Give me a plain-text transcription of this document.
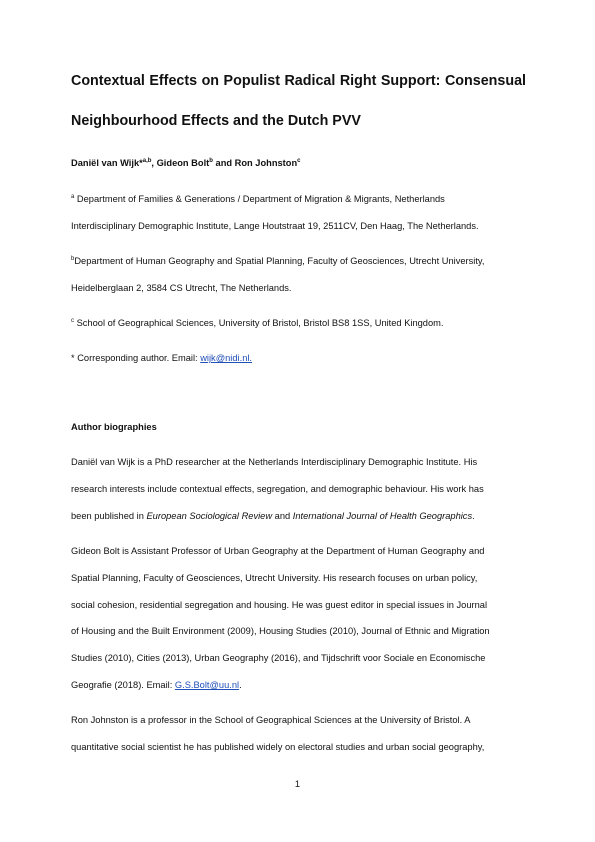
Contextual Effects on Populist Radical Right Support: Consensual
Neighbourhood Effects and the Dutch PVV
Daniël van Wijk*$^{a,b}$, Gideon Bolt$^b$ and Ron Johnston$^c$
$^a$ Department of Families & Generations / Department of Migration & Migrants, Netherlands
Interdisciplinary Demographic Institute, Lange Houtstraat 19, 2511CV, Den Haag, The Netherlands.
$^b$Department of Human Geography and Spatial Planning, Faculty of Geosciences, Utrecht University,
Heidelberglaan 2, 3584 CS Utrecht, The Netherlands.
$^c$ School of Geographical Sciences, University of Bristol, Bristol BS8 1SS, United Kingdom.
* Corresponding author. Email: wijk@nidi.nl.
Author biographies
Daniël van Wijk is a PhD researcher at the Netherlands Interdisciplinary Demographic Institute. His
research interests include contextual effects, segregation, and demographic behaviour. His work has
been published in European Sociological Review and International Journal of Health Geographics.
Gideon Bolt is Assistant Professor of Urban Geography at the Department of Human Geography and
Spatial Planning, Faculty of Geosciences, Utrecht University. His research focuses on urban policy,
social cohesion, residential segregation and housing. He was guest editor in special issues in Journal
of Housing and the Built Environment (2009), Housing Studies (2010), Journal of Ethnic and Migration
Studies (2010), Cities (2013), Urban Geography (2016), and Tijdschrift voor Sociale en Economische
Geografie (2018). Email: G.S.Bolt@uu.nl.
Ron Johnston is a professor in the School of Geographical Sciences at the University of Bristol. A
quantitative social scientist he has published widely on electoral studies and urban social geography,
1
